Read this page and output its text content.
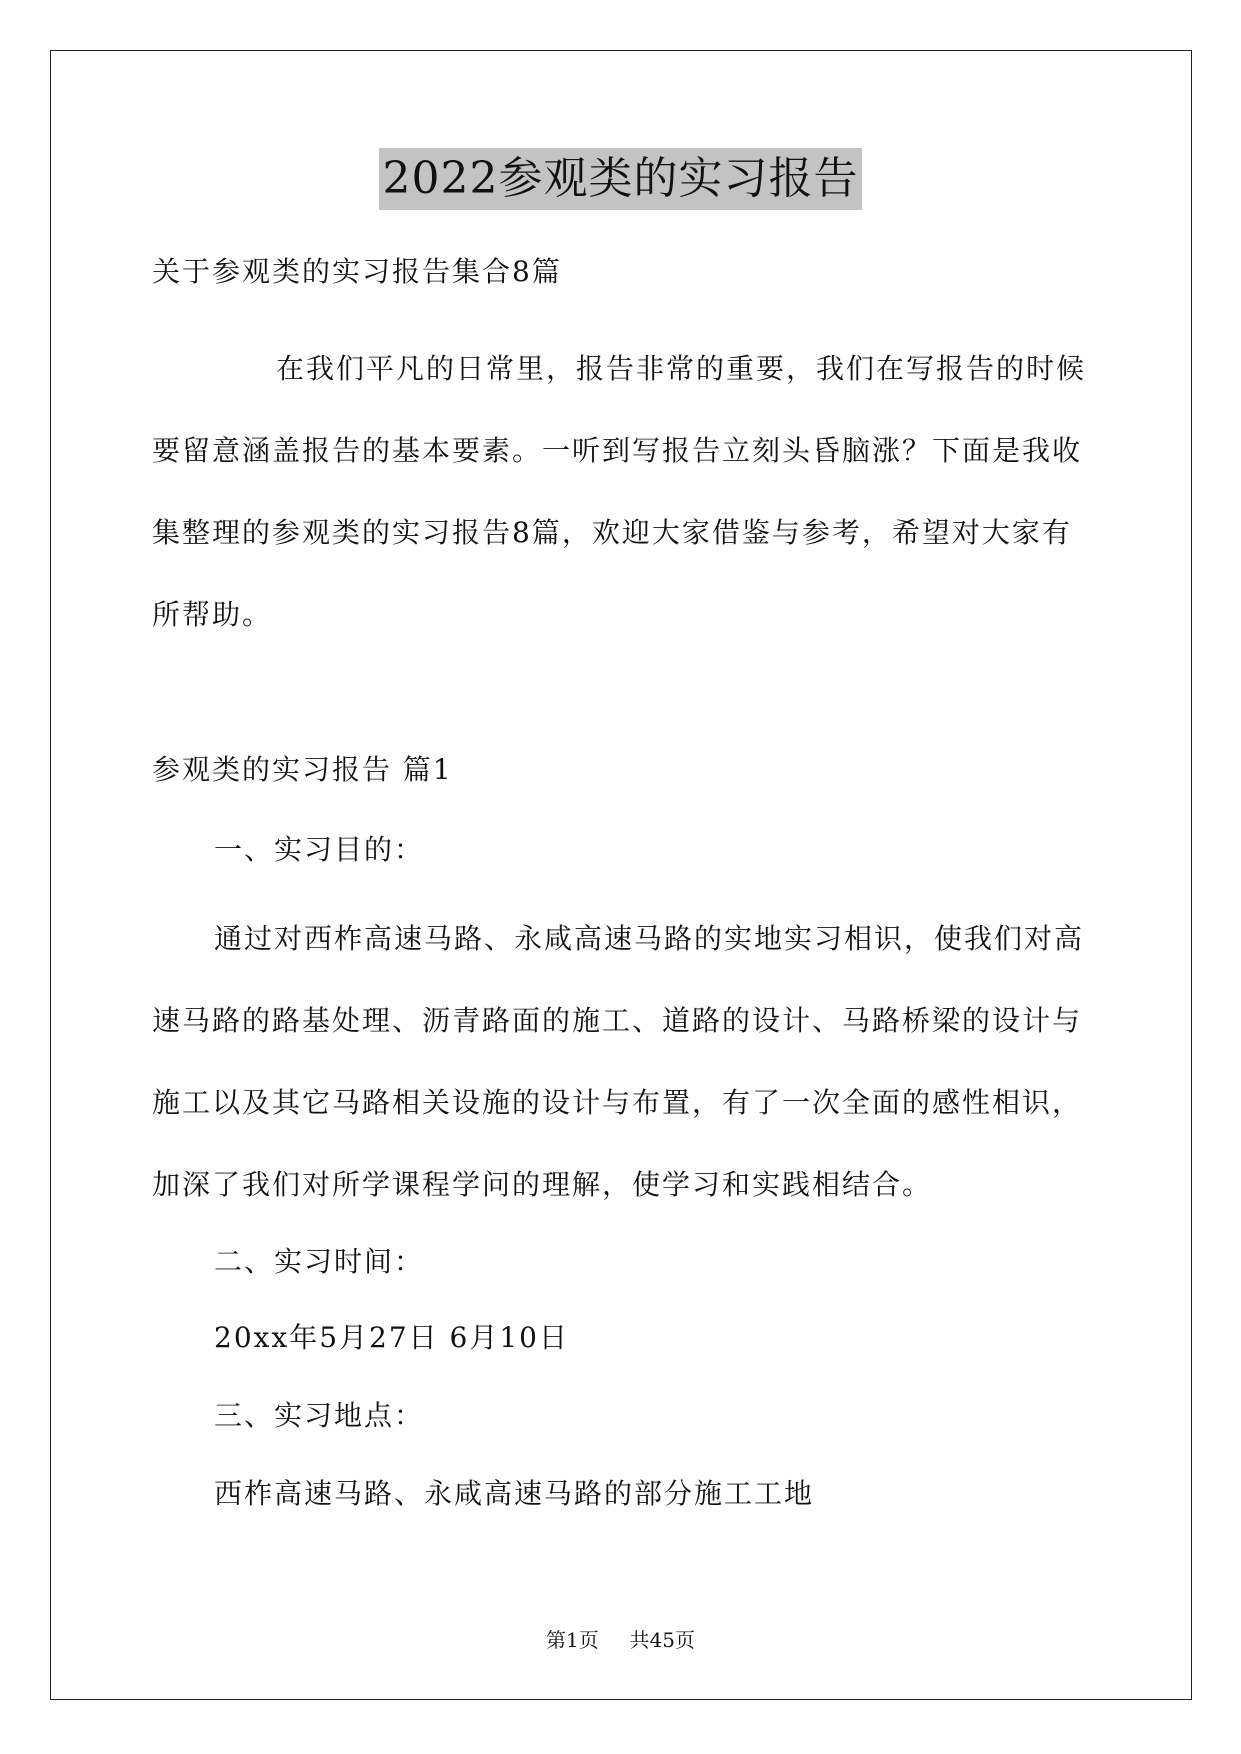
2022参观类的实习报告

关于参观类的实习报告集合8篇

在我们平凡的日常里，报告非常的重要，我们在写报告的时候要留意涵盖报告的基本要素。一听到写报告立刻头昏脑涨？下面是我收集整理的参观类的实习报告8篇，欢迎大家借鉴与参考，希望对大家有所帮助。

参观类的实习报告 篇1

一、实习目的：

通过对西柞高速马路、永咸高速马路的实地实习相识，使我们对高速马路的路基处理、沥青路面的施工、道路的设计、马路桥梁的设计与施工以及其它马路相关设施的设计与布置，有了一次全面的感性相识，加深了我们对所学课程学问的理解，使学习和实践相结合。

二、实习时间：

20xx年5月27日 6月10日

三、实习地点：

西柞高速马路、永咸高速马路的部分施工工地

第1页 共45页
